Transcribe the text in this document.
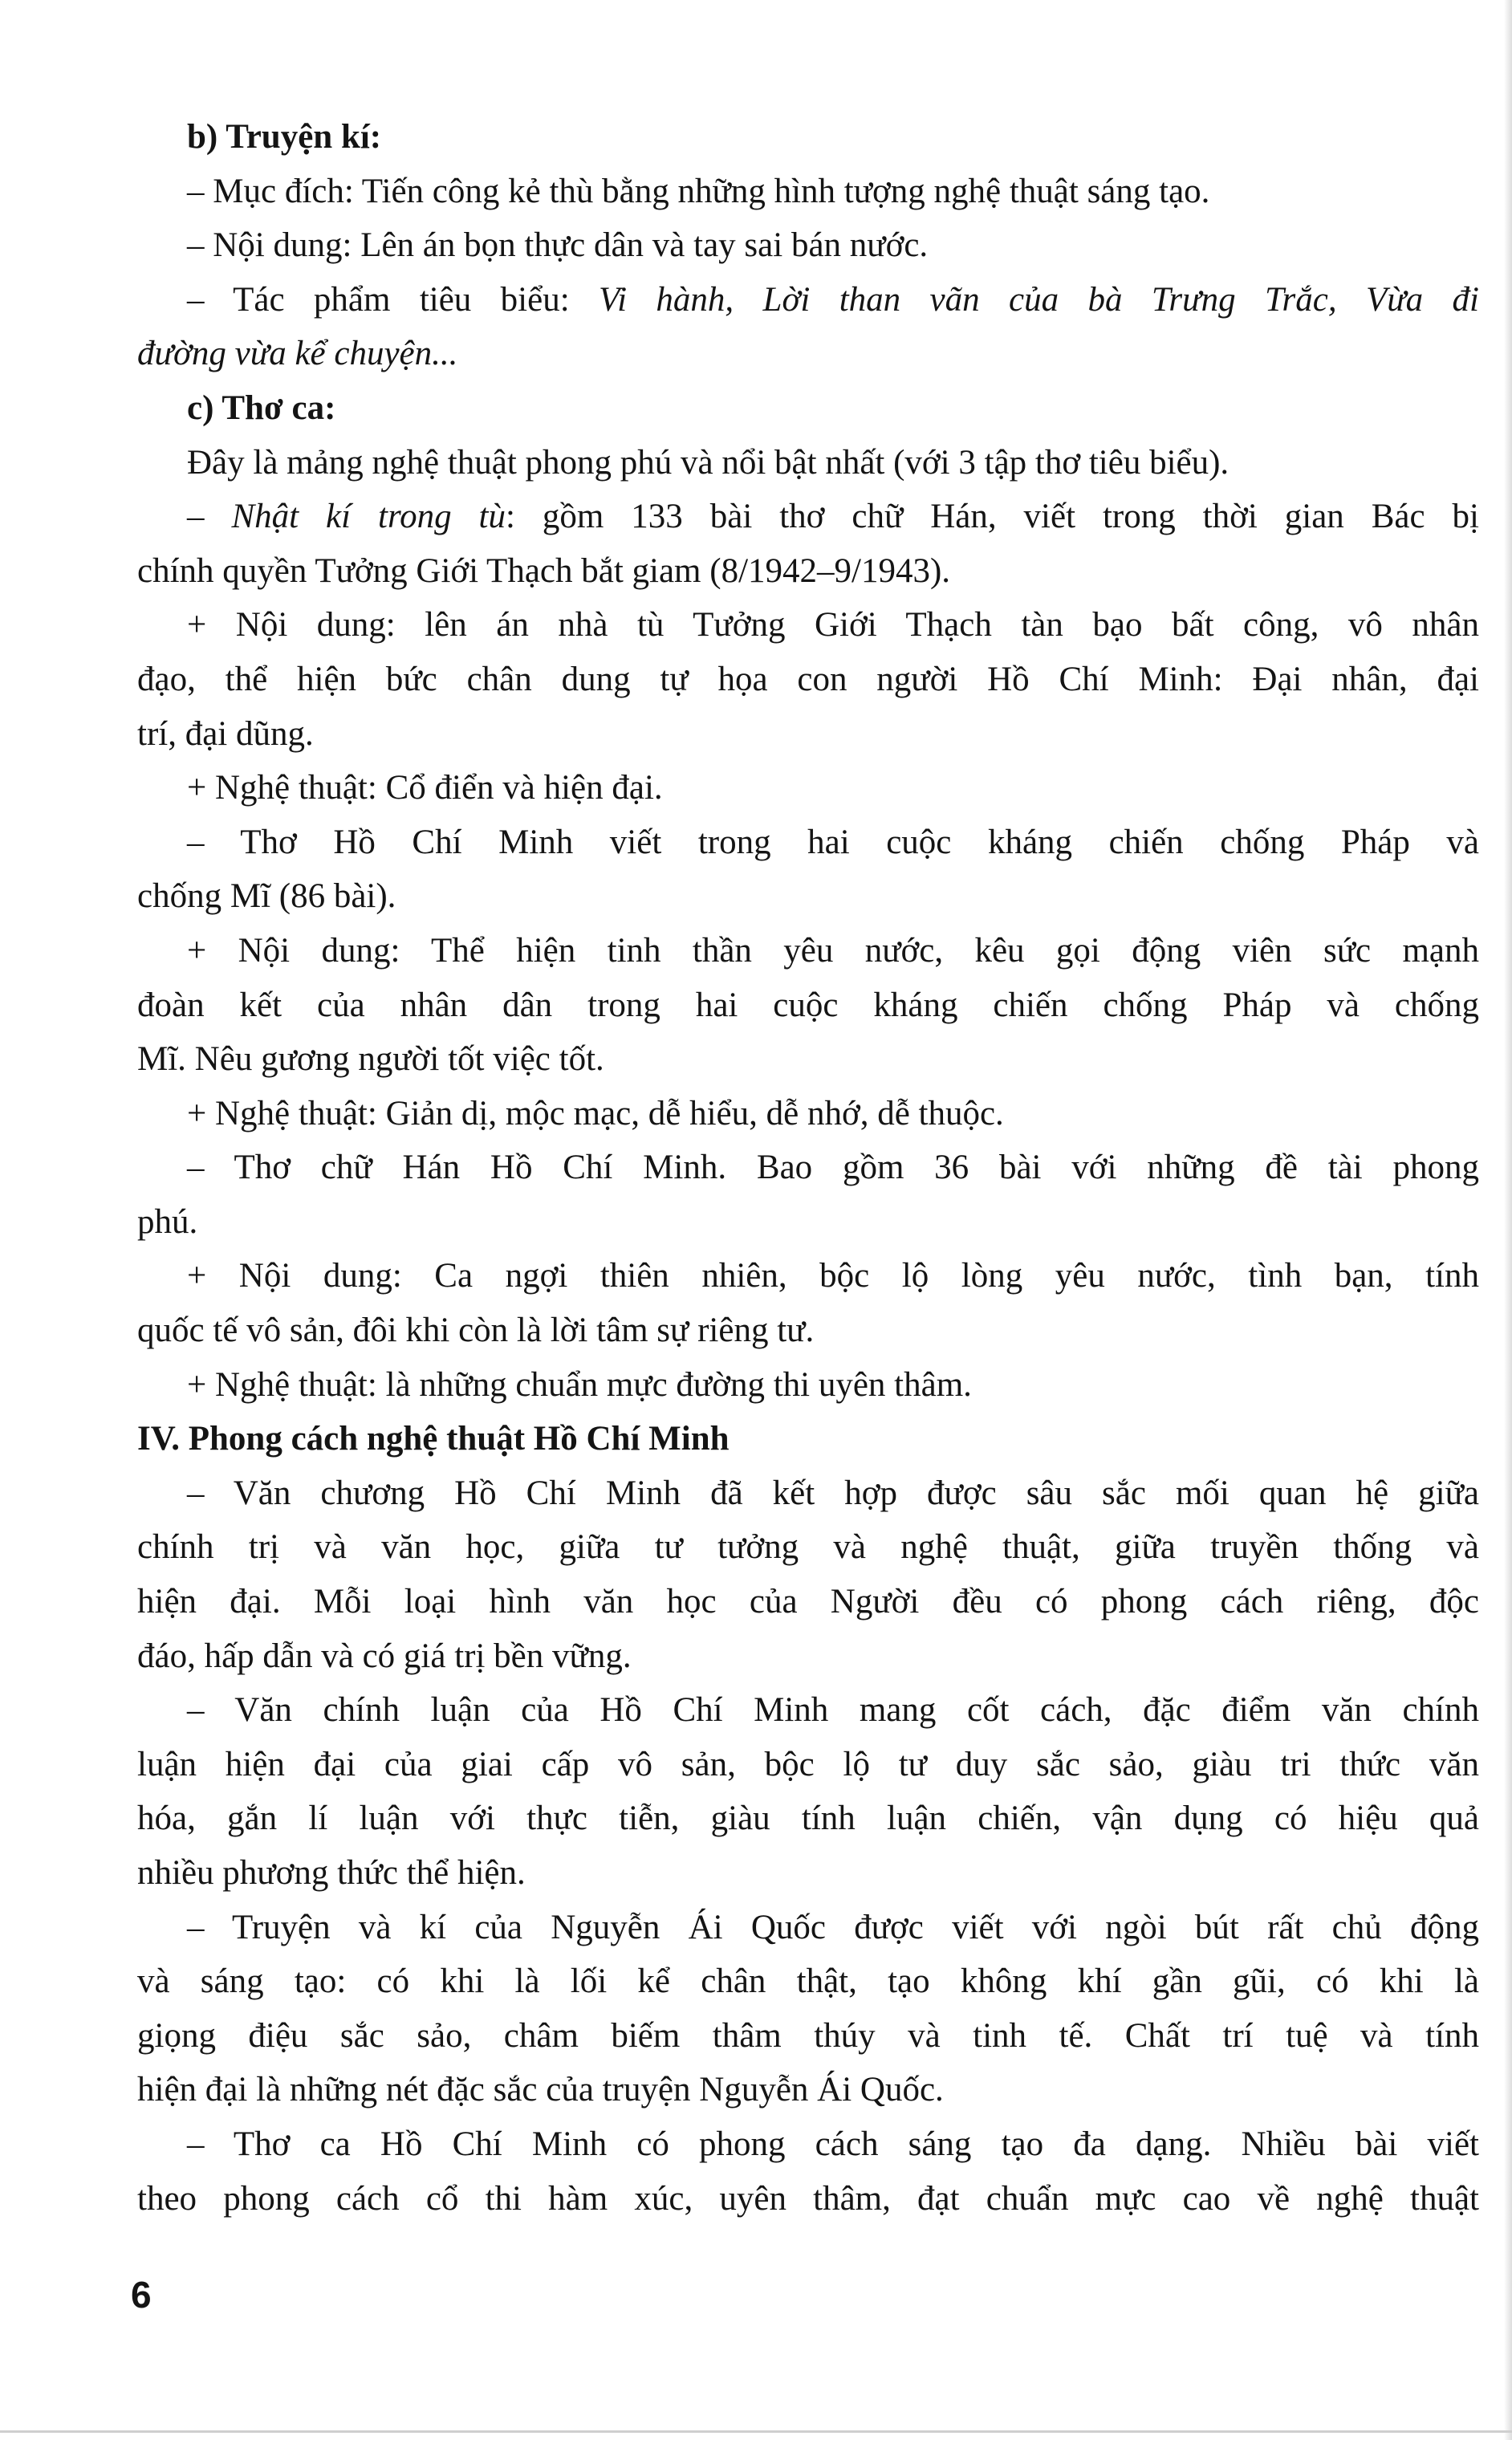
b) Truyện kí:
– Mục đích: Tiến công kẻ thù bằng những hình tượng nghệ thuật sáng tạo.
– Nội dung: Lên án bọn thực dân và tay sai bán nước.
– Tác phẩm tiêu biểu: Vi hành, Lời than vãn của bà Trưng Trắc, Vừa đi
đường vừa kể chuyện...
c) Thơ ca:
Đây là mảng nghệ thuật phong phú và nổi bật nhất (với 3 tập thơ tiêu biểu).
– Nhật kí trong tù: gồm 133 bài thơ chữ Hán, viết trong thời gian Bác bị
chính quyền Tưởng Giới Thạch bắt giam (8/1942–9/1943).
+ Nội dung: lên án nhà tù Tưởng Giới Thạch tàn bạo bất công, vô nhân
đạo, thể hiện bức chân dung tự họa con người Hồ Chí Minh: Đại nhân, đại
trí, đại dũng.
+ Nghệ thuật: Cổ điển và hiện đại.
– Thơ Hồ Chí Minh viết trong hai cuộc kháng chiến chống Pháp và
chống Mĩ (86 bài).
+ Nội dung: Thể hiện tinh thần yêu nước, kêu gọi động viên sức mạnh
đoàn kết của nhân dân trong hai cuộc kháng chiến chống Pháp và chống
Mĩ. Nêu gương người tốt việc tốt.
+ Nghệ thuật: Giản dị, mộc mạc, dễ hiểu, dễ nhớ, dễ thuộc.
– Thơ chữ Hán Hồ Chí Minh. Bao gồm 36 bài với những đề tài phong
phú.
+ Nội dung: Ca ngợi thiên nhiên, bộc lộ lòng yêu nước, tình bạn, tính
quốc tế vô sản, đôi khi còn là lời tâm sự riêng tư.
+ Nghệ thuật: là những chuẩn mực đường thi uyên thâm.
IV. Phong cách nghệ thuật Hồ Chí Minh
– Văn chương Hồ Chí Minh đã kết hợp được sâu sắc mối quan hệ giữa
chính trị và văn học, giữa tư tưởng và nghệ thuật, giữa truyền thống và
hiện đại. Mỗi loại hình văn học của Người đều có phong cách riêng, độc
đáo, hấp dẫn và có giá trị bền vững.
– Văn chính luận của Hồ Chí Minh mang cốt cách, đặc điểm văn chính
luận hiện đại của giai cấp vô sản, bộc lộ tư duy sắc sảo, giàu tri thức văn
hóa, gắn lí luận với thực tiễn, giàu tính luận chiến, vận dụng có hiệu quả
nhiều phương thức thể hiện.
– Truyện và kí của Nguyễn Ái Quốc được viết với ngòi bút rất chủ động
và sáng tạo: có khi là lối kể chân thật, tạo không khí gần gũi, có khi là
giọng điệu sắc sảo, châm biếm thâm thúy và tinh tế. Chất trí tuệ và tính
hiện đại là những nét đặc sắc của truyện Nguyễn Ái Quốc.
– Thơ ca Hồ Chí Minh có phong cách sáng tạo đa dạng. Nhiều bài viết
theo phong cách cổ thi hàm xúc, uyên thâm, đạt chuẩn mực cao về nghệ thuật
6
